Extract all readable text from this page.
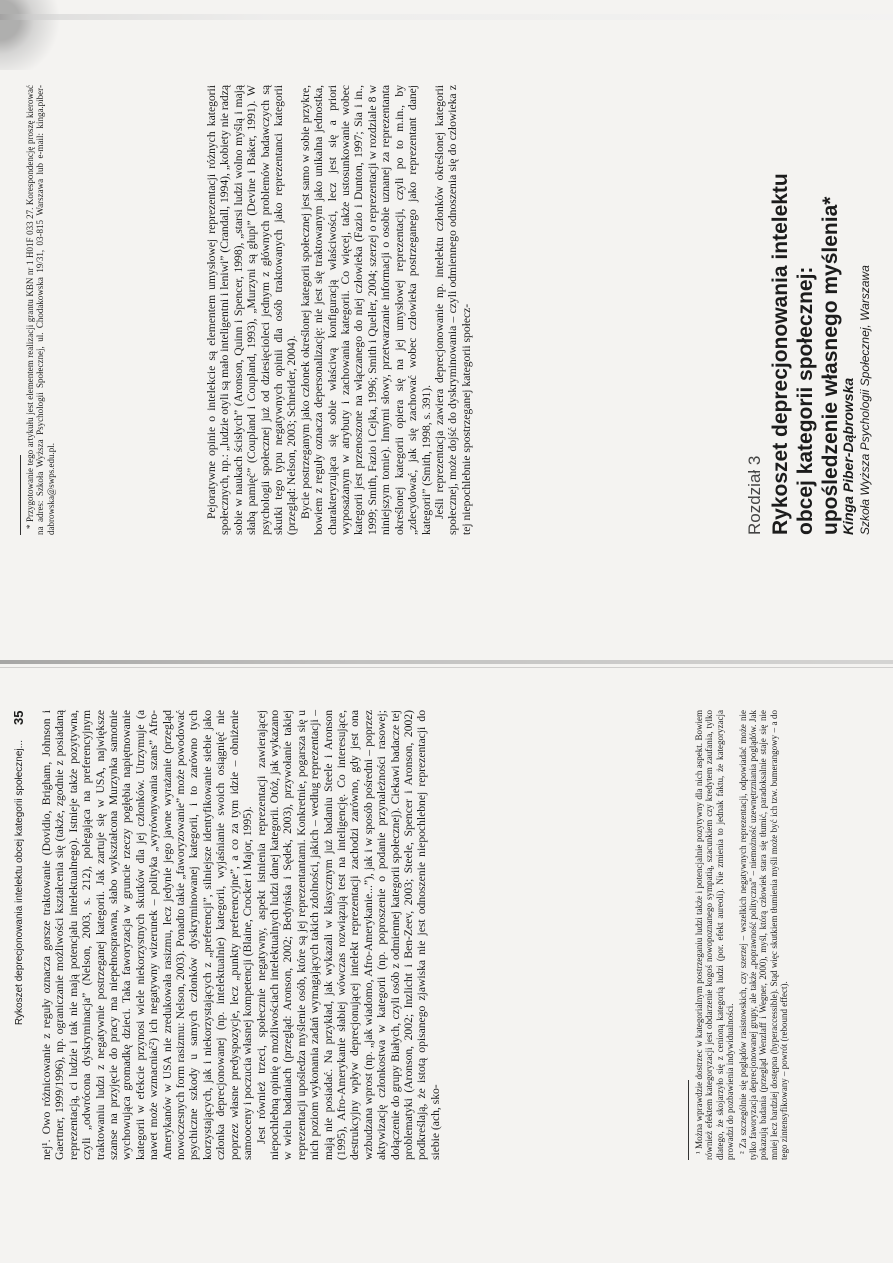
Rozdział 3 Rykoszet deprecjonowania intelektu obcej kategorii społecznej: upośledzenie własnego myślenia*
Kinga Piber-Dąbrowska Szkoła Wyższa Psychologii Społecznej, Warszawa

Pejoratywne opinie o intelekcie są elementem umysłowej reprezentacji różnych kategorii społecznych, np.: „ludzie otyli są mało inteligentni i leniwi” (Crandall, 1994), „kobiety nie radzą sobie w naukach ścisłych” (Aronson, Quinn i Spencer, 1998), „starsi ludzi wolno myślą i mają słabą pamięć” (Coupland i Coupland, 1993), „Murzyni są głupi” (Devine i Baker, 1991). W psychologii społecznej już od dziesięcioleci jednym z głównych problemów badawczych są skutki tego typu negatywnych opinii dla osób traktowanych jako reprezentanci kategorii (przegląd: Nelson, 2003; Schneider, 2004). Bycie postrzeganym jako członek określonej kategorii społecznej jest samo w sobie przykre, bowiem z reguły oznacza depersonalizację: nie jest się traktowanym jako unikalna jednostka, charakteryzująca się sobie właściwą konfiguracją właściwości, lecz jest się a priori wyposażanym w atrybuty i zachowania kategorii. Co więcej, także ustosunkowanie wobec kategorii jest przenoszone na włączanego do niej człowieka (Fazio i Dunton, 1997; Sia i in., 1999; Smith, Fazio i Cejka, 1996; Smith i Queller, 2004; szerzej o reprezentacji w rozdziale 8 w niniejszym tomie). Innymi słowy, przetwarzanie informacji o osobie uznanej za reprezentanta określonej kategorii opiera się na jej umysłowej reprezentacji, czyli po to m.in., by „zdecydować, jak się zachować wobec człowieka postrzeganego jako reprezentant danej kategorii” (Smith, 1998, s. 391). Jeśli reprezentacja zawiera deprecjonowanie np. intelektu członków określonej kategorii społecznej, może dojść do dyskryminowania – czyli odmiennego odnoszenia się do człowieka z tej niepochlebnie spostrzeganej kategorii społecz-

* Przygotowanie tego artykułu jest elementem realizacji grantu KBN nr 1 H01F 033 27. Korespondencję proszę kierować na adres: Szkoła Wyższa Psychologii Społecznej, ul. Chodakowska 19/31, 03-815 Warszawa lub e-mail: kinga.piber-dabrowska@swps.edu.pl.

Rykoszet deprecjonowania intelektu obcej kategorii społecznej...
35 nej¹. Owo różnicowanie z reguły oznacza gorsze traktowanie (Dovidio, Brigham, Johnson i Gaertner, 1999/1996), np. ograniczanie możliwości kształcenia się (także, zgodnie z posiadaną reprezentacją, ci ludzie i tak nie mają potencjału intelektualnego). Istnieje także pozytywna, czyli „odwrócona dyskryminacja” (Nelson, 2003, s. 212), polegająca na preferencyjnym traktowaniu ludzi z negatywnie postrzeganej kategorii. Jak zartuje się w USA, największe szanse na przyjęcie do pracy ma niepełnosprawna, słabo wykształcona Murzynka samotnie wychowująca gromadkę dzieci. Taka faworyzacja w gruncie rzeczy pogłębia napiętnowanie kategorii w efekcie przynosi wiele niekorzystnych skutków dla jej członków. Utrzymuje (a nawet może wzmacniać²) ich negatywny wizerunek – polityka „wyrównywania szans” Afro-Amerykanów w USA nie zredukowała rasizmu, lecz jedynie jego jawne wyrażanie (przegląd nowoczesnych form rasizmu: Nelson, 2003). Ponadto takie „faworyzowanie” może powodować psychiczne szkody u samych członków dyskryminowanej kategorii, i to zarówno tych korzystających, jak i niekorzystających z „preferencji”, silniejsze identyfikowanie siebie jako członka deprecjonowanej (np. intelektualnie) kategorii, wyjaśnianie swoich osiągnięć nie poprzez własne predyspozycje, lecz „punkty preferencyjne”, a co za tym idzie – obniżenie samooceny i poczucia własnej kompetencji (Blaine, Crocker i Major, 1995). Jest również trzeci, społecznie negatywny, aspekt istnienia reprezentacji zawierającej niepochlebną opinię o możliwościach intelektualnych ludzi danej kategorii. Otóż, jak wykazano w wielu badaniach (przegląd: Aronson, 2002; Bedyńska i Sędek, 2003), przywołanie takiej reprezentacji upośledza myślenie osób, które są jej reprezentantami. Konkretnie, pogarsza się u nich poziom wykonania zadań wymagających takich zdolności, jakich – według reprezentacji – mają nie posiadać. Na przykład, jak wykazali w klasycznym już badaniu Steele i Aronson (1995), Afro-Amerykanie słabiej wówczas rozwiązują test na inteligencję. Co interesujące, destrukcyjny wpływ deprecjonującej intelekt reprezentacji zachodzi zarówno, gdy jest ona wzbudzana wprost (np. „jak wiadomo, Afro-Amerykanie...”), jak i w sposób pośredni – poprzez aktywizację członkostwa w kategorii (np. poproszenie o podanie przynależności rasowej; dołączenie do grupy Białych, czyli osób z odmiennej kategorii społecznej). Ciekawi badacze tej problematyki (Aronson, 2002; Inzlicht i Ben-Zeev, 2003; Steele, Spencer i Aronson, 2002) podkreślają, że istotą opisanego zjawiska nie jest odnoszenie niepochlebnej reprezentacji do siebie (ach, sko-	¹ Można wprawdzie dostrzec w kategorialnym postrzeganiu ludzi także i potencjalnie pozytywny dla nich aspekt. Bowiem również efektem kategoryzacji jest obdarzenie kogoś nowopoznanego sympatią, szacunkiem czy kredytem zaufania, tylko dlatego, że skojarzyło się z cenioną kategorią ludzi (por. efekt aureoli). Nie zmienia to jednak faktu, że kategoryzacja prowadzi do pozbawienia indywidualności. ² Za szczególnie się poglądów rasistowskich, czy szerzej – wszelkich negatywnych reprezentacji, odpowiadać może nie tylko faworyzacja deprecjonowanej grupy, ale także „poprawność polityczna” – niemożność uzewnętrzniania poglądów. Jak pokazują badania (przegląd Wenzlaff i Wegner, 2000), myśl, którą człowiek stara się tłumić, paradoksalnie staje się nie mniej lecz bardziej dostępna (hyperaccessible). Stąd więc skutkiem tłumienia myśli może być ich tzw. bumerangowy – a do tego zintensyfikowany – powrót (rebound effect).
